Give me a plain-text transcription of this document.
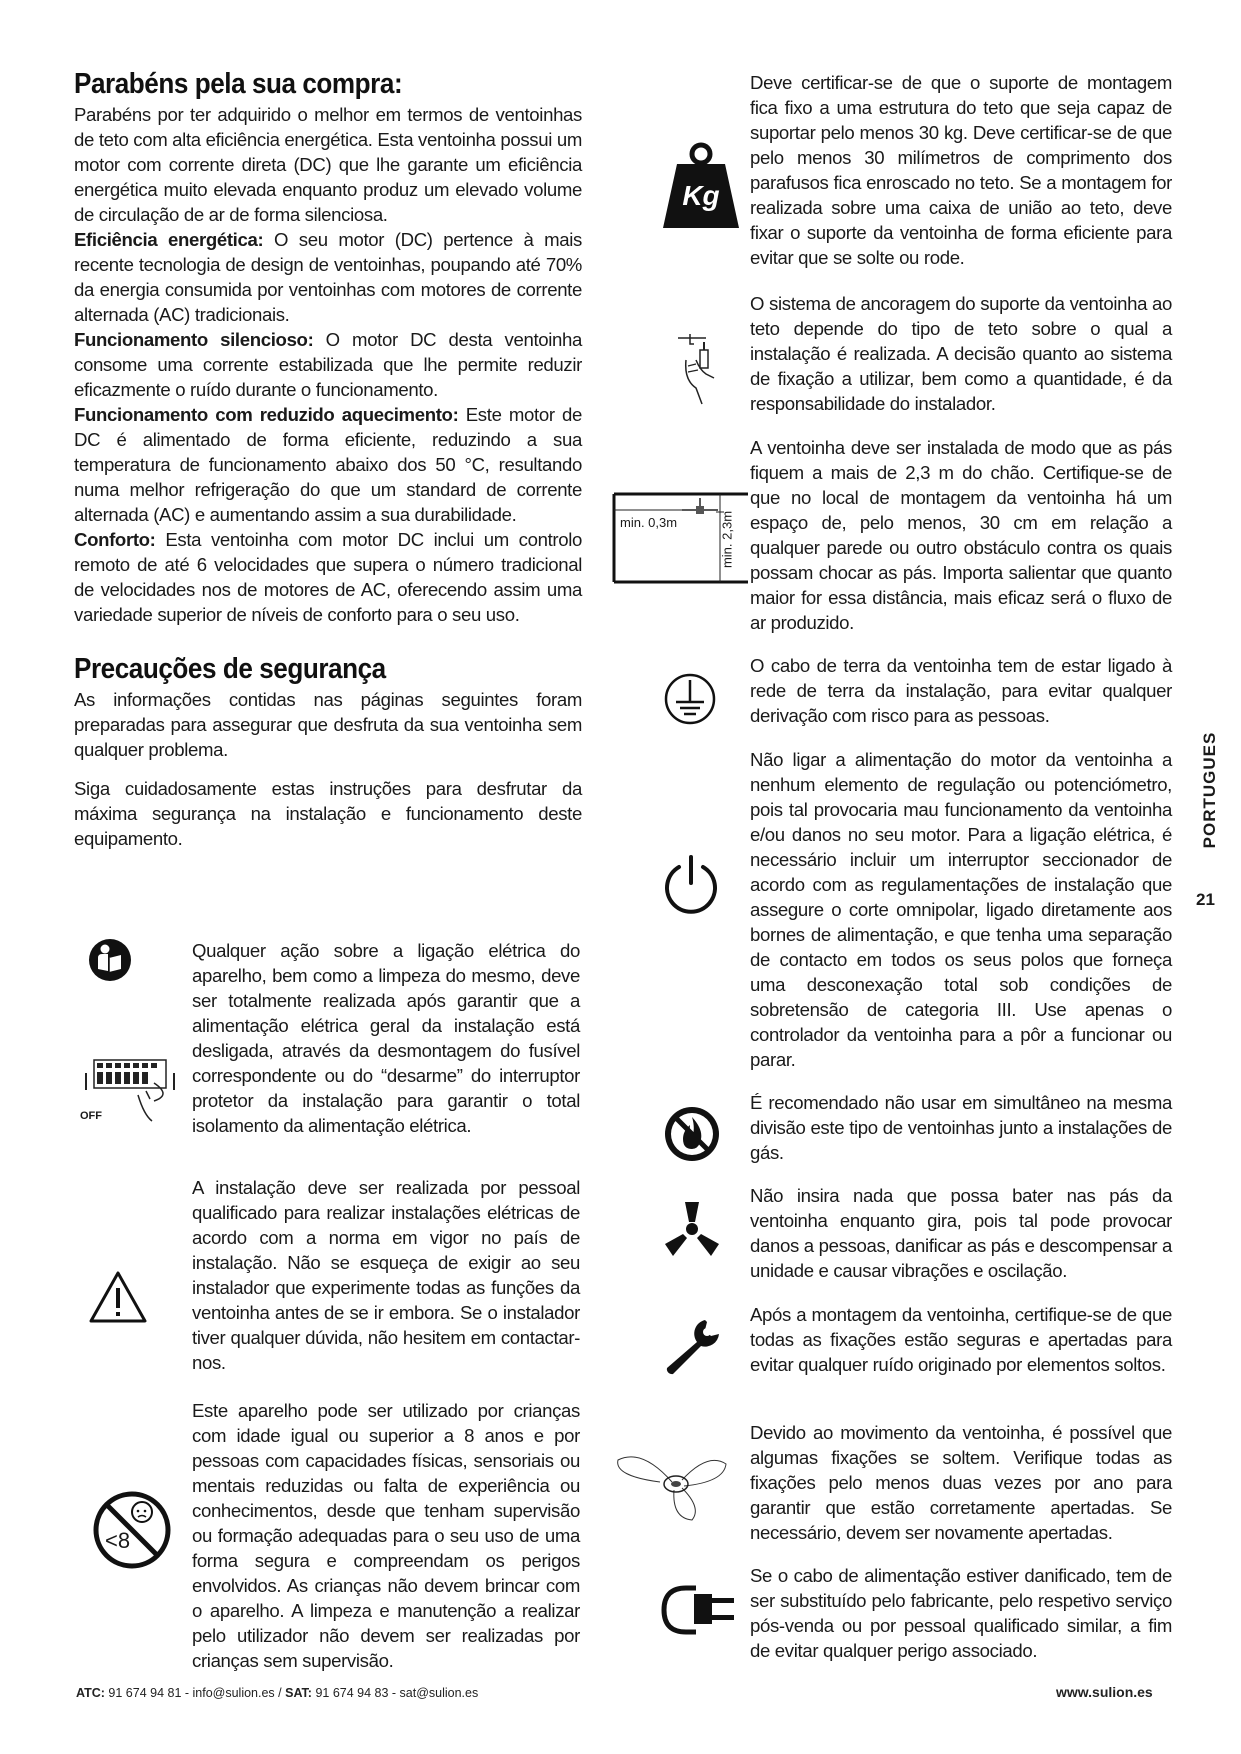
Parabéns pela sua compra:

Parabéns por ter adquirido o melhor em termos de ventoinhas de teto com alta eficiência energética. Esta ventoinha possui um motor com corrente direta (DC) que lhe garante um eficiência energética muito elevada enquanto produz um elevado volume de circulação de ar de forma silenciosa.

Eficiência energética: O seu motor (DC) pertence à mais recente tecnologia de design de ventoinhas, poupando até 70% da energia consumida por ventoinhas com motores de corrente alternada (AC) tradicionais.

Funcionamento silencioso: O motor DC desta ventoinha consome uma corrente estabilizada que lhe permite reduzir eficazmente o ruído durante o funcionamento.

Funcionamento com reduzido aquecimento: Este motor de DC é alimentado de forma eficiente, reduzindo a sua temperatura de funcionamento abaixo dos 50 °C, resultando numa melhor refrigeração do que um standard de corrente alternada (AC) e aumentando assim a sua durabilidade.

Conforto: Esta ventoinha com motor DC inclui um controlo remoto de até 6 velocidades que supera o número tradicional de velocidades nos de motores de AC, oferecendo assim uma variedade superior de níveis de conforto para o seu uso.

Precauções de segurança

As informações contidas nas páginas seguintes foram preparadas para assegurar que desfruta da sua ventoinha sem qualquer problema.

Siga cuidadosamente estas instruções para desfrutar da máxima segurança na instalação e funcionamento deste equipamento.

Qualquer ação sobre a ligação elétrica do aparelho, bem como a limpeza do mesmo, deve ser totalmente realizada após garantir que a alimentação elétrica geral da instalação está desligada, através da desmontagem do fusível correspondente ou do “desarme” do interruptor protetor da instalação para garantir o total isolamento da alimentação elétrica.

A instalação deve ser realizada por pessoal qualificado para realizar instalações elétricas de acordo com a norma em vigor no país de instalação. Não se esqueça de exigir ao seu instalador que experimente todas as funções da ventoinha antes de se ir embora. Se o instalador tiver qualquer dúvida, não hesitem em contactar-nos.

Este aparelho pode ser utilizado por crianças com idade igual ou superior a 8 anos e por pessoas com capacidades físicas, sensoriais ou mentais reduzidas ou falta de experiência ou conhecimentos, desde que tenham supervisão ou formação adequadas para o seu uso de uma forma segura e compreendam os perigos envolvidos. As crianças não devem brincar com o aparelho. A limpeza e manutenção a realizar pelo utilizador não devem ser realizadas por crianças sem supervisão.

OFF
<8

Deve certificar-se de que o suporte de montagem fica fixo a uma estrutura do teto que seja capaz de suportar pelo menos 30 kg. Deve certificar-se de que pelo menos 30 milímetros de comprimento dos parafusos fica enroscado no teto. Se a montagem for realizada sobre uma caixa de união ao teto, deve fixar o suporte da ventoinha de forma eficiente para evitar que se solte ou rode.

O sistema de ancoragem do suporte da ventoinha ao teto depende do tipo de teto sobre o qual a instalação é realizada. A decisão quanto ao sistema de fixação a utilizar, bem como a quantidade, é da responsabilidade do instalador.

A ventoinha deve ser instalada de modo que as pás fiquem a mais de 2,3 m do chão. Certifique-se de que no local de montagem da ventoinha há um espaço de, pelo menos, 30 cm em relação a qualquer parede ou outro obstáculo contra os quais possam chocar as pás. Importa salientar que quanto maior for essa distância, mais eficaz será o fluxo de ar produzido.

O cabo de terra da ventoinha tem de estar ligado à rede de terra da instalação, para evitar qualquer derivação com risco para as pessoas.

Não ligar a alimentação do motor da ventoinha a nenhum elemento de regulação ou potenciómetro, pois tal provocaria mau funcionamento da ventoinha e/ou danos no seu motor. Para a ligação elétrica, é necessário incluir um interruptor seccionador de acordo com as regulamentações de instalação que assegure o corte omnipolar, ligado diretamente aos bornes de alimentação, e que tenha uma separação de contacto em todos os seus polos que forneça uma desconexação total sob condições de sobretensão de categoria III. Use apenas o controlador da ventoinha para a pôr a funcionar ou parar.

É recomendado não usar em simultâneo na mesma divisão este tipo de ventoinhas junto a instalações de gás.

Não insira nada que possa bater nas pás da ventoinha enquanto gira, pois tal pode provocar danos a pessoas, danificar as pás e descompensar a unidade e causar vibrações e oscilação.

Após a montagem da ventoinha, certifique-se de que todas as fixações estão seguras e apertadas para evitar qualquer ruído originado por elementos soltos.

Devido ao movimento da ventoinha, é possível que algumas fixações se soltem. Verifique todas as fixações pelo menos duas vezes por ano para garantir que estão corretamente apertadas. Se necessário, devem ser novamente apertadas.

Se o cabo de alimentação estiver danificado, tem de ser substituído pelo fabricante, pelo respetivo serviço pós-venda ou por pessoal qualificado similar, a fim de evitar qualquer perigo associado.

Kg
min. 0,3m	min. 2,3m
PORTUGUES
21
ATC: 91 674 94 81 - info@sulion.es / SAT: 91 674 94 83 - sat@sulion.es	www.sulion.es
